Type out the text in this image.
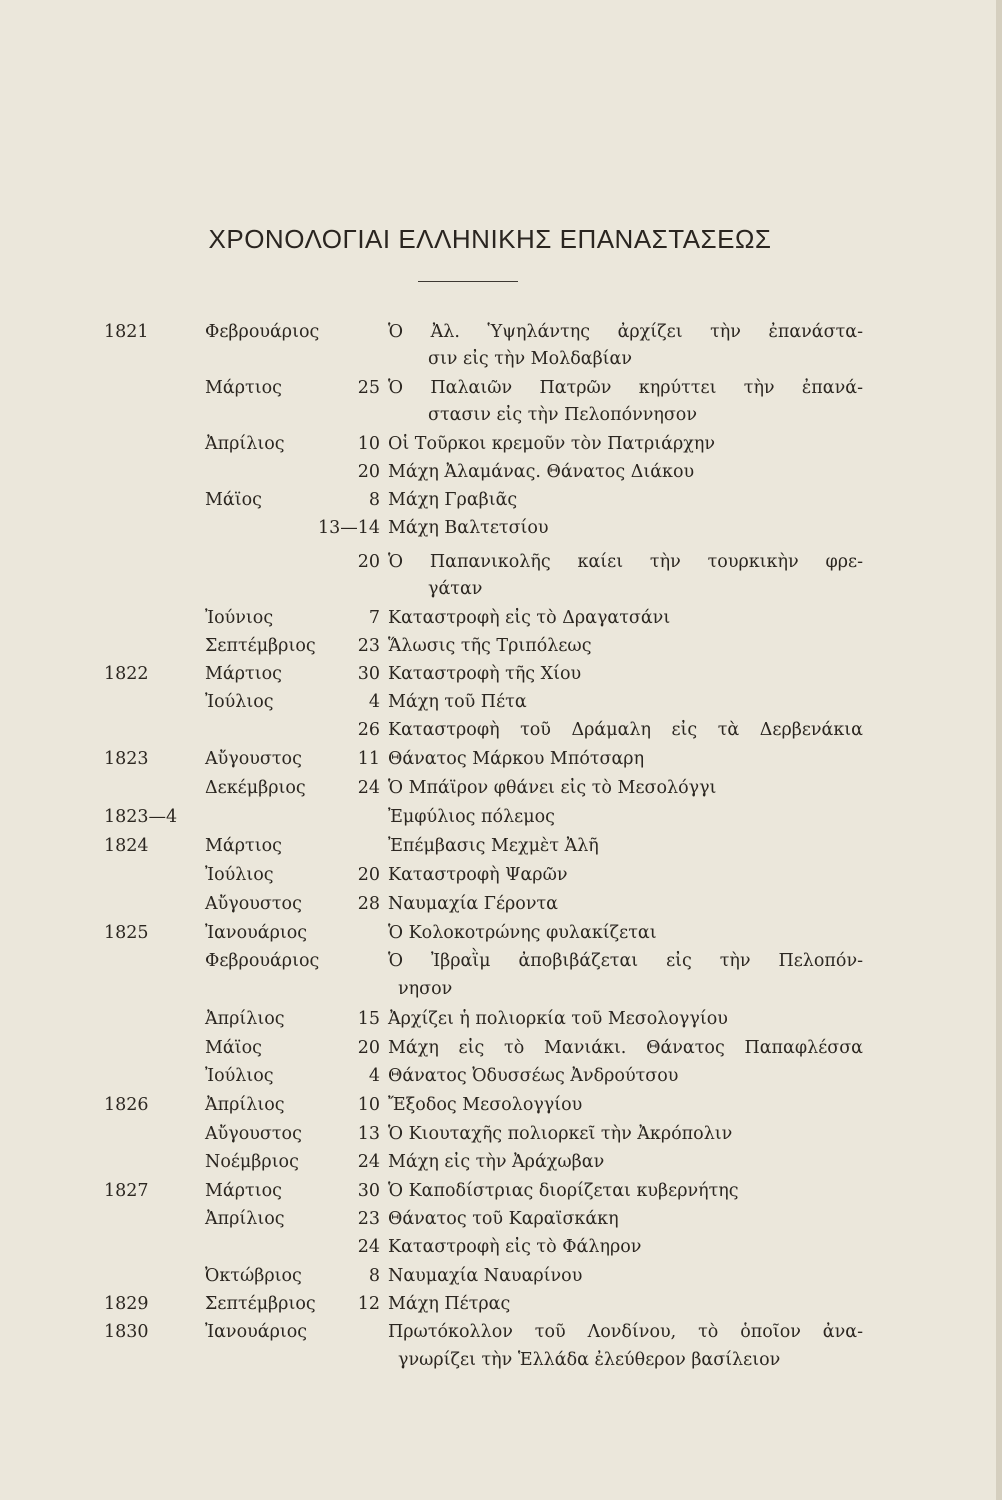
ΧΡΟΝΟΛΟΓΙΑΙ ΕΛΛΗΝΙΚΗΣ ΕΠΑΝΑΣΤΑΣΕΩΣ
1821	Φεβρουάριος	Ὁ Ἀλ. Ὑψηλάντης ἀρχίζει τὴν ἐπανάστα-
σιν εἰς τὴν Μολδαβίαν
Μάρτιος	25 Ὁ Παλαιῶν Πατρῶν κηρύττει τὴν ἐπανά-
στασιν εἰς τὴν Πελοπόννησον
Ἀπρίλιος	10 Οἱ Τοῦρκοι κρεμοῦν τὸν Πατριάρχην
20 Μάχη Ἀλαμάνας. Θάνατος Διάκου
Μάϊος	8 Μάχη Γραβιᾶς
13—14 Μάχη Βαλτετσίου
20 Ὁ Παπανικολῆς καίει τὴν τουρκικὴν φρε-
γάταν
Ἰούνιος	7 Καταστροφὴ εἰς τὸ Δραγατσάνι
Σεπτέμβριος 23 Ἅλωσις τῆς Τριπόλεως
1822	Μάρτιος	30 Καταστροφὴ τῆς Χίου
Ἰούλιος	4 Μάχη τοῦ Πέτα
26 Καταστροφὴ τοῦ Δράμαλη εἰς τὰ Δερβενάκια
1823	Αὔγουστος	11 Θάνατος Μάρκου Μπότσαρη
Δεκέμβριος	24 Ὁ Μπάϊρον φθάνει εἰς τὸ Μεσολόγγι
1823—4	Ἐμφύλιος πόλεμος
1824	Μάρτιος	Ἐπέμβασις Μεχμὲτ Ἀλῆ
Ἰούλιος	20 Καταστροφὴ Ψαρῶν
Αὔγουστος	28 Ναυμαχία Γέροντα
1825	Ἰανουάριος	Ὁ Κολοκοτρώνης φυλακίζεται
Φεβρουάριος	Ὁ Ἰβραῒμ ἀποβιβάζεται εἰς τὴν Πελοπόν-
νησον
Ἀπρίλιος	15 Ἀρχίζει ἡ πολιορκία τοῦ Μεσολογγίου
Μάϊος	20 Μάχη εἰς τὸ Μανιάκι. Θάνατος Παπαφλέσσα
Ἰούλιος	4 Θάνατος Ὀδυσσέως Ἀνδρούτσου
1826	Ἀπρίλιος	10 Ἔξοδος Μεσολογγίου
Αὔγουστος	13 Ὁ Κιουταχῆς πολιορκεῖ τὴν Ἀκρόπολιν
Νοέμβριος	24 Μάχη εἰς τὴν Ἀράχωβαν
1827	Μάρτιος	30 Ὁ Καποδίστριας διορίζεται κυβερνήτης
Ἀπρίλιος	23 Θάνατος τοῦ Καραϊσκάκη
24 Καταστροφὴ εἰς τὸ Φάληρον
Ὀκτώβριος	8 Ναυμαχία Ναυαρίνου
1829	Σεπτέμβριος 12 Μάχη Πέτρας
1830	Ἰανουάριος	Πρωτόκολλον τοῦ Λονδίνου, τὸ ὁποῖον ἀνα-
γνωρίζει τὴν Ἑλλάδα ἐλεύθερον βασίλειον
